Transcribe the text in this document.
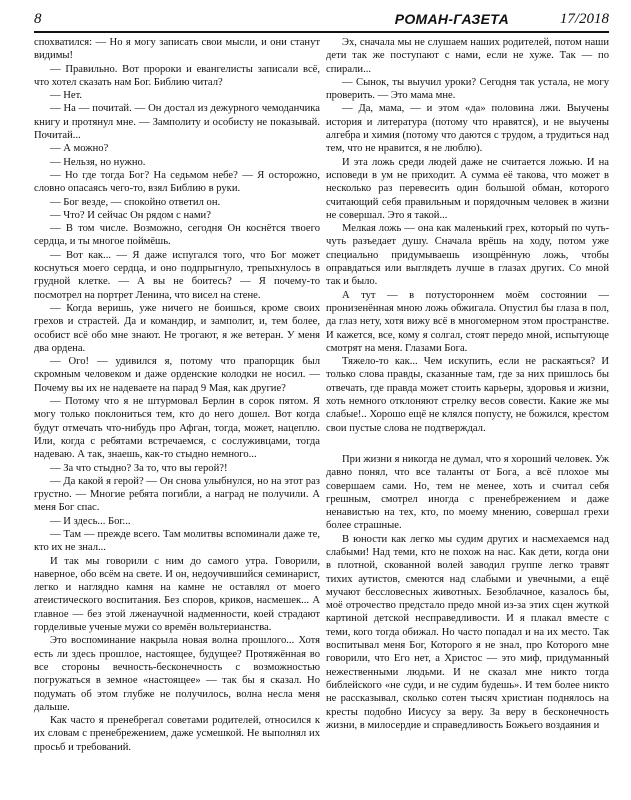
8	РОМАН-ГАЗЕТА	17/2018

спохватился: — Но я могу записать свои мысли, и они станут видимы!

— Правильно. Вот пророки и евангелисты записали всё, что хотел сказать нам Бог. Библию читал?

— Нет.

— На — почитай. — Он достал из дежурного чемоданчика книгу и протянул мне. — Замполиту и особисту не показывай. Почитай...

— А можно?

— Нельзя, но нужно.

— Но где тогда Бог? На седьмом небе? — Я осторожно, словно опасаясь чего-то, взял Библию в руки.

— Бог везде, — спокойно ответил он.

— Что? И сейчас Он рядом с нами?

— В том числе. Возможно, сегодня Он коснётся твоего сердца, и ты многое поймёшь.

— Вот как... — Я даже испугался того, что Бог может коснуться моего сердца, и оно подпрыгнуло, трепыхнулось в грудной клетке. — А вы не боитесь? — Я почему-то посмотрел на портрет Ленина, что висел на стене.

— Когда веришь, уже ничего не боишься, кроме своих грехов и страстей. Да и командир, и замполит, и, тем более, особист всё обо мне знают. Не трогают, я же ветеран. У меня два ордена.

— Ого! — удивился я, потому что прапорщик был скромным человеком и даже орденские колодки не носил. — Почему вы их не надеваете на парад 9 Мая, как другие?

— Потому что я не штурмовал Берлин в сорок пятом. Я могу только поклониться тем, кто до него дошел. Вот когда будут отмечать что-нибудь про Афган, тогда, может, нацеплю. Или, когда с ребятами встречаемся, с сослуживцами, тогда надеваю. А так, знаешь, как-то стыдно немного...

— За что стыдно? За то, что вы герой?!

— Да какой я герой? — Он снова улыбнулся, но на этот раз грустно. — Многие ребята погибли, а наград не получили. А меня Бог спас.

— И здесь... Бог...

— Там — прежде всего. Там молитвы вспоминали даже те, кто их не знал...

И так мы говорили с ним до самого утра. Говорили, наверное, обо всём на свете. И он, недоучившийся семинарист, легко и наглядно камня на камне не оставлял от моего атеистического воспитания. Без споров, криков, насмешек... А главное — без этой лженаучной надменности, коей страдают горделивые ученые мужи со времён вольтерианства.

Это воспоминание накрыла новая волна прошлого... Хотя есть ли здесь прошлое, настоящее, будущее? Протяжённая во все стороны вечность-бесконечность с возможностью погружаться в земное «настоящее» — так бы я сказал. Но подумать об этом глубже не получилось, волна несла меня дальше.

Как часто я пренебрегал советами родителей, относился к их словам с пренебрежением, даже усмешкой. Не выполнял их просьб и требований.

Эх, сначала мы не слушаем наших родителей, потом наши дети так же поступают с нами, если не хуже. Так — по спирали...

— Сынок, ты выучил уроки? Сегодня так устала, не могу проверить. — Это мама мне.

— Да, мама, — и этом «да» половина лжи. Выучены история и литература (потому что нравятся), и не выучены алгебра и химия (потому что даются с трудом, а трудиться над тем, что не нравится, я не люблю).

И эта ложь среди людей даже не считается ложью. И на исповеди в ум не приходит. А сумма её такова, что может в несколько раз перевесить один большой обман, которого считающий себя правильным и порядочным человек в жизни не совершал. Это я такой...

Мелкая ложь — она как маленький грех, который по чуть-чуть разъедает душу. Сначала врёшь на ходу, потом уже специально придумываешь изощрённую ложь, чтобы оправдаться или выглядеть лучше в глазах других. Со мной так и было.

А тут — в потустороннем моём состоянии — пронизенённая мною ложь обжигала. Опустил бы глаза в пол, да глаз нету, хотя вижу всё в многомерном этом пространстве. И кажется, все, кому я солгал, стоят передо мной, испытующе смотрят на меня. Глазами Бога.

Тяжело-то как... Чем искупить, если не раскаяться? И только слова правды, сказанные там, где за них пришлось бы отвечать, где правда может стоить карьеры, здоровья и жизни, хоть немного отклоняют стрелку весов совести. Какие же мы слабые!.. Хорошо ещё не клялся попусту, не божился, крестом свои пустые слова не подтверждал.

При жизни я никогда не думал, что я хороший человек. Уж давно понял, что все таланты от Бога, а всё плохое мы совершаем сами. Но, тем не менее, хоть и считал себя грешным, смотрел иногда с пренебрежением и даже ненавистью на тех, кто, по моему мнению, совершал грехи более страшные.

В юности как легко мы судим других и насмехаемся над слабыми! Над теми, кто не похож на нас. Как дети, когда они в плотной, скованной волей заводил группе легко травят тихих аутистов, смеются над слабыми и увечными, а ещё мучают бессловесных животных. Безоблачное, казалось бы, моё отрочество предстало предо мной из-за этих сцен жуткой картиной детской несправедливости. И я плакал вместе с теми, кого тогда обижал. Но часто попадал и на их место. Так воспитывал меня Бог, Которого я не знал, про Которого мне говорили, что Его нет, а Христос — это миф, придуманный нежественными людьми. И не сказал мне никто тогда библейского «не суди, и не судим будешь». И тем более никто не рассказывал, сколько сотен тысяч христиан поднялось на кресты подобно Иисусу за веру. За веру в бесконечность жизни, в милосердие и справедливость Божьего воздаяния и
